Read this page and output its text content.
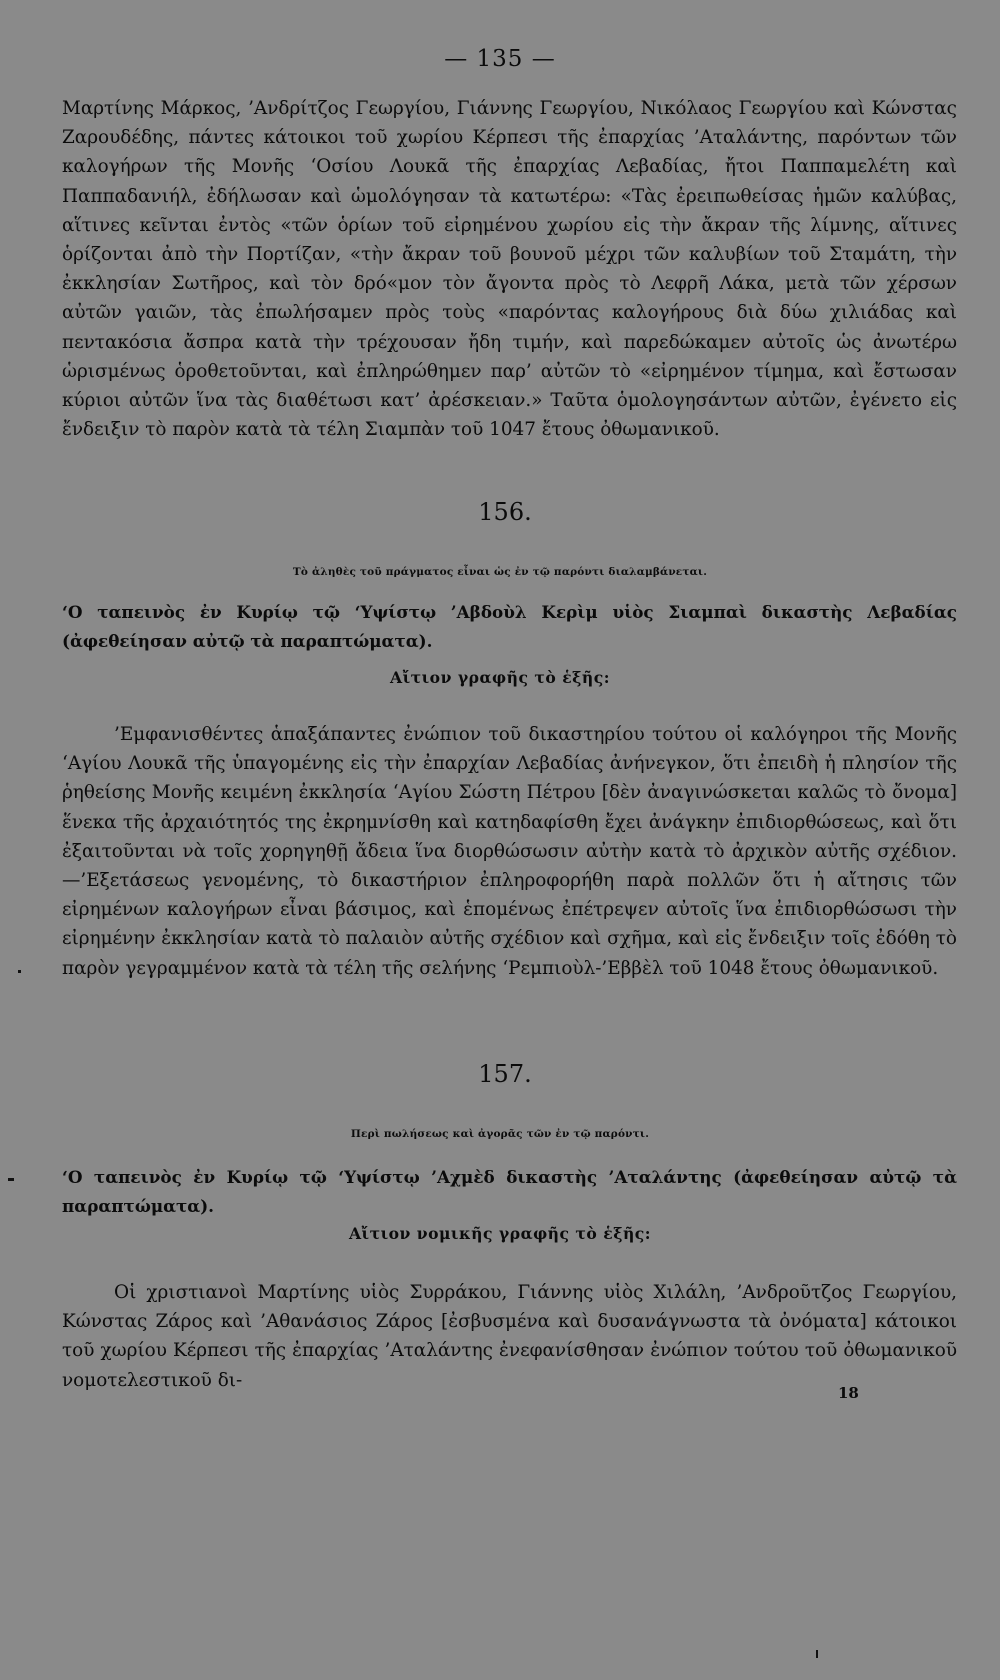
— 135 —

Μαρτίνης Μάρκος, ’Ανδρίτζος Γεωργίου, Γιάννης Γεωργίου, Νικόλαος Γεωργίου καὶ Κώνστας Ζαρουδέδης, πάντες κάτοικοι τοῦ χωρίου Κέρπεσι τῆς ἐπαρχίας ’Αταλάντης, παρόντων τῶν καλογήρων τῆς Μονῆς ‘Οσίου Λουκᾶ τῆς ἐπαρχίας Λεβαδίας, ἤτοι Παππαμελέτη καὶ Παππαδανιήλ, ἐδήλωσαν καὶ ὡμολόγησαν τὰ κατωτέρω: «Τὰς ἐρειπωθείσας ἡμῶν καλύβας, αἵτινες κεῖνται ἐντὸς «τῶν ὁρίων τοῦ εἰρημένου χωρίου εἰς τὴν ἄκραν τῆς λίμνης, αἵτινες ὁρίζονται ἀπὸ τὴν Πορτίζαν, «τὴν ἄκραν τοῦ βουνοῦ μέχρι τῶν καλυβίων τοῦ Σταμάτη, τὴν ἐκκλησίαν Σωτῆρος, καὶ τὸν δρό«μον τὸν ἄγοντα πρὸς τὸ Λεφρῆ Λάκα, μετὰ τῶν χέρσων αὐτῶν γαιῶν, τὰς ἐπωλήσαμεν πρὸς τοὺς «παρόντας καλογήρους διὰ δύω χιλιάδας καὶ πεντακόσια ἄσπρα κατὰ τὴν τρέχουσαν ἤδη τιμήν, καὶ παρεδώκαμεν αὐτοῖς ὡς ἀνωτέρω ὡρισμένως ὁροθετοῦνται, καὶ ἐπληρώθημεν παρ’ αὐτῶν τὸ «εἰρημένον τίμημα, καὶ ἔστωσαν κύριοι αὐτῶν ἵνα τὰς διαθέτωσι κατ’ ἀρέσκειαν.» Ταῦτα ὁμολογησάντων αὐτῶν, ἐγένετο εἰς ἔνδειξιν τὸ παρὸν κατὰ τὰ τέλη Σιαμπὰν τοῦ 1047 ἔτους ὀθωμανικοῦ.

156.
Τὸ ἀληθὲς τοῦ πράγματος εἶναι ὡς ἐν τῷ παρόντι διαλαμβάνεται.

‘Ο ταπεινὸς ἐν Κυρίῳ τῷ ‘Υψίστῳ ’Αβδοὺλ Κερὶμ υἱὸς Σιαμπαὶ δικαστὴς Λεβαδίας (ἀφεθείησαν αὐτῷ τὰ παραπτώματα).

Αἴτιον γραφῆς τὸ ἑξῆς:

’Εμφανισθέντες ἁπαξάπαντες ἐνώπιον τοῦ δικαστηρίου τούτου οἱ καλόγηροι τῆς Μονῆς ‘Αγίου Λουκᾶ τῆς ὑπαγομένης εἰς τὴν ἐπαρχίαν Λεβαδίας ἀνήνεγκον, ὅτι ἐπειδὴ ἡ πλησίον τῆς ῥηθείσης Μονῆς κειμένη ἐκκλησία ‘Αγίου Σώστη Πέτρου [δὲν ἀναγινώσκεται καλῶς τὸ ὄνομα] ἕνεκα τῆς ἀρχαιότητός της ἐκρημνίσθη καὶ κατηδαφίσθη ἔχει ἀνάγκην ἐπιδιορθώσεως, καὶ ὅτι ἐξαιτοῦνται νὰ τοῖς χορηγηθῇ ἄδεια ἵνα διορθώσωσιν αὐτὴν κατὰ τὸ ἀρχικὸν αὐτῆς σχέδιον.—’Εξετάσεως γενομένης, τὸ δικαστήριον ἐπληροφορήθη παρὰ πολλῶν ὅτι ἡ αἴτησις τῶν εἰρημένων καλογήρων εἶναι βάσιμος, καὶ ἑπομένως ἐπέτρεψεν αὐτοῖς ἵνα ἐπιδιορθώσωσι τὴν εἰρημένην ἐκκλησίαν κατὰ τὸ παλαιὸν αὐτῆς σχέδιον καὶ σχῆμα, καὶ εἰς ἔνδειξιν τοῖς ἐδόθη τὸ παρὸν γεγραμμένον κατὰ τὰ τέλη τῆς σελήνης ‘Ρεμπιοὺλ-’Εββὲλ τοῦ 1048 ἔτους ὀθωμανικοῦ.

157.
Περὶ πωλήσεως καὶ ἀγορᾶς τῶν ἐν τῷ παρόντι.

‘Ο ταπεινὸς ἐν Κυρίῳ τῷ ‘Υψίστῳ ’Αχμὲδ δικαστὴς ’Αταλάντης (ἀφεθείησαν αὐτῷ τὰ παραπτώματα).

Αἴτιον νομικῆς γραφῆς τὸ ἑξῆς:

Οἱ χριστιανοὶ Μαρτίνης υἱὸς Συρράκου, Γιάννης υἱὸς Χιλάλη, ’Ανδροῦτζος Γεωργίου, Κώνστας Ζάρος καὶ ’Αθανάσιος Ζάρος [ἐσβυσμένα καὶ δυσανάγνωστα τὰ ὀνόματα] κάτοικοι τοῦ χωρίου Κέρπεσι τῆς ἐπαρχίας ’Αταλάντης ἐνεφανίσθησαν ἐνώπιον τούτου τοῦ ὀθωμανικοῦ νομοτελεστικοῦ δι-

18
